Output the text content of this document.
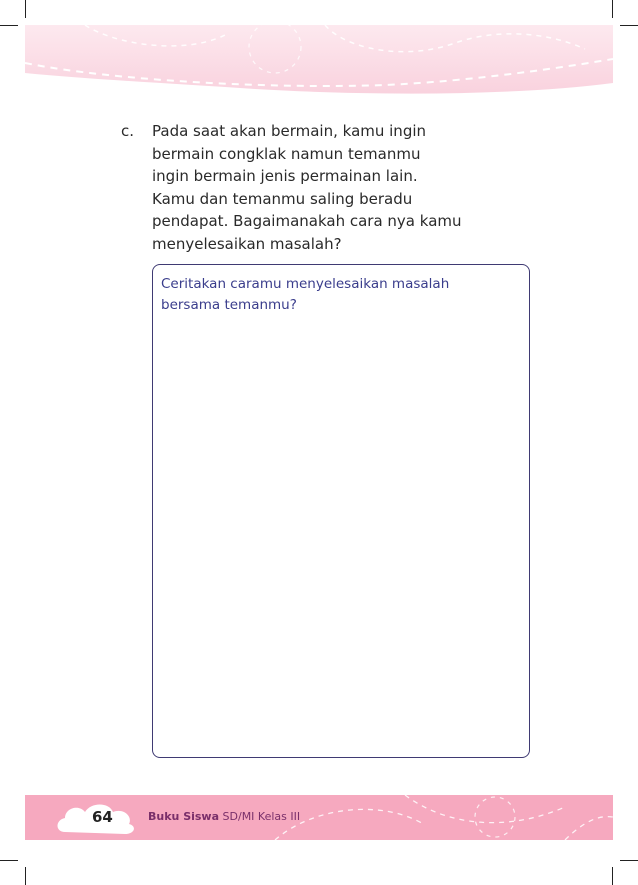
c. Pada saat akan bermain, kamu ingin
bermain congklak namun temanmu
ingin bermain jenis permainan lain.
Kamu dan temanmu saling beradu
pendapat. Bagaimanakah cara nya kamu
menyelesaikan masalah?
Ceritakan caramu menyelesaikan masalah
bersama temanmu?
64	Buku Siswa SD/MI Kelas III
